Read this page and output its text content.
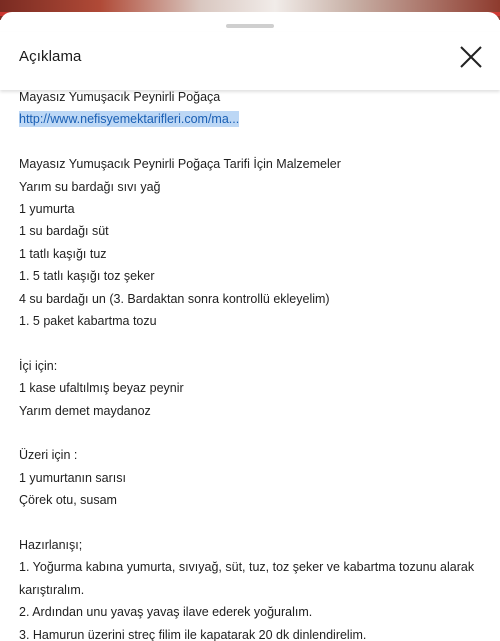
Açıklama
Mayasız Yumuşacık Peynirli Poğaça
http://www.nefisyemektarifleri.com/ma...
Mayasız Yumuşacık Peynirli Poğaça Tarifi İçin Malzemeler
Yarım su bardağı sıvı yağ
1 yumurta
1 su bardağı süt
1 tatlı kaşığı tuz
1. 5 tatlı kaşığı toz şeker
4 su bardağı un (3. Bardaktan sonra kontrollü ekleyelim)
1. 5 paket kabartma tozu
İçi için:
1 kase ufaltılmış beyaz peynir
Yarım demet maydanoz
Üzeri için :
1 yumurtanın sarısı
Çörek otu, susam
Hazırlanışı;
1. Yoğurma kabına yumurta, sıvıyağ, süt, tuz, toz şeker ve kabartma tozunu alarak karıştıralım.
2. Ardından unu yavaş yavaş ilave ederek yoğuralım.
3. Hamurun üzerini streç filim ile kapatarak 20 dk dinlendirelim.
